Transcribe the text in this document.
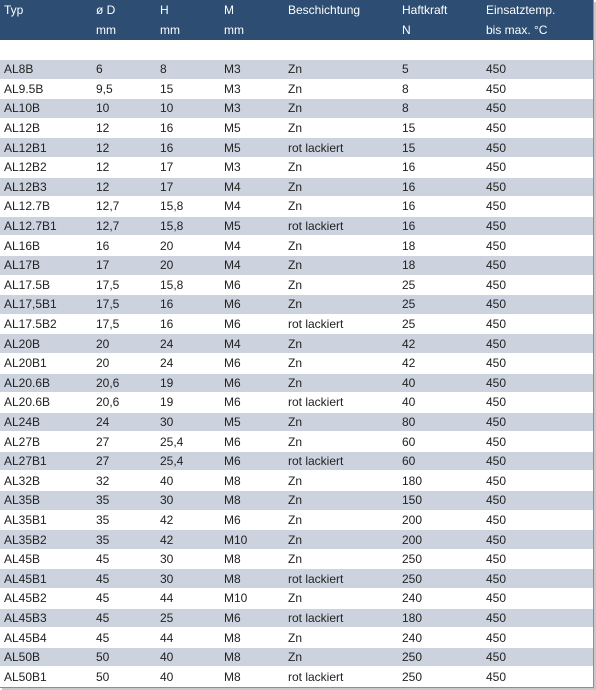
Typ	ø D	H	M	Beschichtung	Haftkraft	Einsatztemp.
	mm	mm	mm		N	bis max. °C

AL8B	6	8	M3	Zn	5	450
AL9.5B	9,5	15	M3	Zn	8	450
AL10B	10	10	M3	Zn	8	450
AL12B	12	16	M5	Zn	15	450
AL12B1	12	16	M5	rot lackiert	15	450
AL12B2	12	17	M3	Zn	16	450
AL12B3	12	17	M4	Zn	16	450
AL12.7B	12,7	15,8	M4	Zn	16	450
AL12.7B1	12,7	15,8	M5	rot lackiert	16	450
AL16B	16	20	M4	Zn	18	450
AL17B	17	20	M4	Zn	18	450
AL17.5B	17,5	15,8	M6	Zn	25	450
AL17,5B1	17,5	16	M6	Zn	25	450
AL17.5B2	17,5	16	M6	rot lackiert	25	450
AL20B	20	24	M4	Zn	42	450
AL20B1	20	24	M6	Zn	42	450
AL20.6B	20,6	19	M6	Zn	40	450
AL20.6B	20,6	19	M6	rot lackiert	40	450
AL24B	24	30	M5	Zn	80	450
AL27B	27	25,4	M6	Zn	60	450
AL27B1	27	25,4	M6	rot lackiert	60	450
AL32B	32	40	M8	Zn	180	450
AL35B	35	30	M8	Zn	150	450
AL35B1	35	42	M6	Zn	200	450
AL35B2	35	42	M10	Zn	200	450
AL45B	45	30	M8	Zn	250	450
AL45B1	45	30	M8	rot lackiert	250	450
AL45B2	45	44	M10	Zn	240	450
AL45B3	45	25	M6	rot lackiert	180	450
AL45B4	45	44	M8	Zn	240	450
AL50B	50	40	M8	Zn	250	450
AL50B1	50	40	M8	rot lackiert	250	450
